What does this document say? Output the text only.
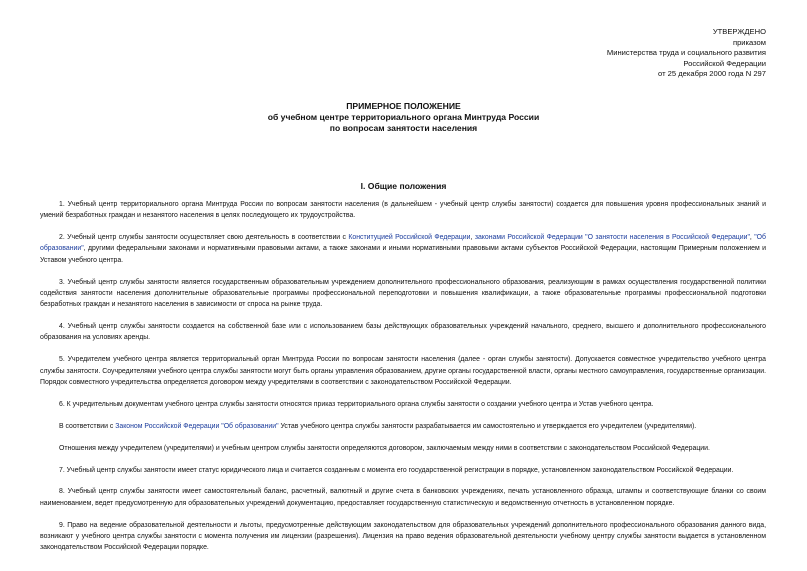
УТВЕРЖДЕНО
приказом
Министерства труда и социального развития
Российской Федерации
от 25 декабря 2000 года N 297
ПРИМЕРНОЕ ПОЛОЖЕНИЕ
об учебном центре территориального органа Минтруда России
по вопросам занятости населения
I. Общие положения

1. Учебный центр территориального органа Минтруда России по вопросам занятости населения (в дальнейшем - учебный центр службы занятости) создается для повышения уровня профессиональных знаний и умений безработных граждан и незанятого населения в целях последующего их трудоустройства.

2. Учебный центр службы занятости осуществляет свою деятельность в соответствии с Конституцией Российской Федерации, законами Российской Федерации "О занятости населения в Российской Федерации", "Об образовании", другими федеральными законами и нормативными правовыми актами, а также законами и иными нормативными правовыми актами субъектов Российской Федерации, настоящим Примерным положением и Уставом учебного центра.

3. Учебный центр службы занятости является государственным образовательным учреждением дополнительного профессионального образования, реализующим в рамках осуществления государственной политики содействия занятости населения дополнительные образовательные программы профессиональной переподготовки и повышения квалификации, а также образовательные программы профессиональной подготовки безработных граждан и незанятого населения в зависимости от спроса на рынке труда.

4. Учебный центр службы занятости создается на собственной базе или с использованием базы действующих образовательных учреждений начального, среднего, высшего и дополнительного профессионального образования на условиях аренды.

5. Учредителем учебного центра является территориальный орган Минтруда России по вопросам занятости населения (далее - орган службы занятости). Допускается совместное учредительство учебного центра службы занятости. Соучредителями учебного центра службы занятости могут быть органы управления образованием, другие органы государственной власти, органы местного самоуправления, государственные организации. Порядок совместного учредительства определяется договором между учредителями в соответствии с законодательством Российской Федерации.

6. К учредительным документам учебного центра службы занятости относятся приказ территориального органа службы занятости о создании учебного центра и Устав учебного центра.

В соответствии с Законом Российской Федерации "Об образовании" Устав учебного центра службы занятости разрабатывается им самостоятельно и утверждается его учредителем (учредителями).

Отношения между учредителем (учредителями) и учебным центром службы занятости определяются договором, заключаемым между ними в соответствии с законодательством Российской Федерации.

7. Учебный центр службы занятости имеет статус юридического лица и считается созданным с момента его государственной регистрации в порядке, установленном законодательством Российской Федерации.

8. Учебный центр службы занятости имеет самостоятельный баланс, расчетный, валютный и другие счета в банковских учреждениях, печать установленного образца, штампы и соответствующие бланки со своим наименованием, ведет предусмотренную для образовательных учреждений документацию, предоставляет государственную статистическую и ведомственную отчетность в установленном порядке.

9. Право на ведение образовательной деятельности и льготы, предусмотренные действующим законодательством для образовательных учреждений дополнительного профессионального образования данного вида, возникают у учебного центра службы занятости с момента получения им лицензии (разрешения). Лицензия на право ведения образовательной деятельности учебному центру службы занятости выдается в установленном законодательством Российской Федерации порядке.
